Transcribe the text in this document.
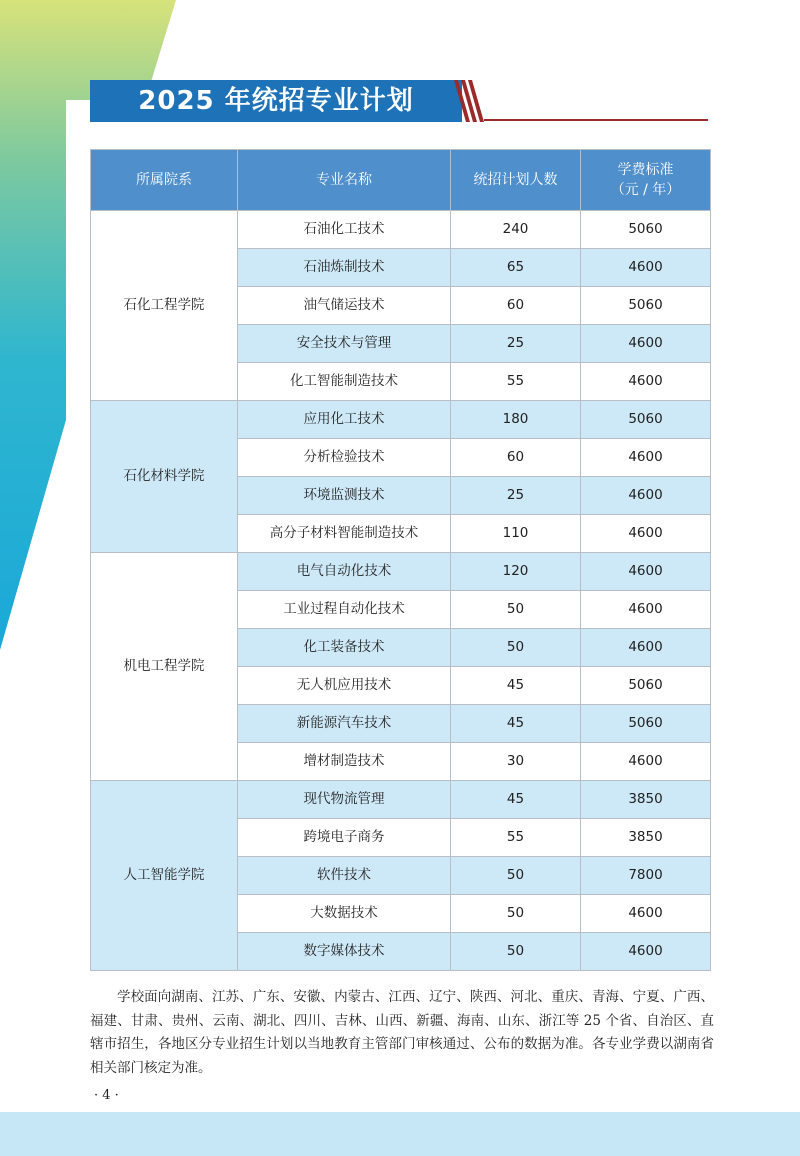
2025 年统招专业计划
所属院系	专业名称	统招计划人数	学费标准
（元 / 年）

石化工程学院	石油化工技术	240	5060
	石油炼制技术	65	4600
	油气储运技术	60	5060
	安全技术与管理	25	4600
	化工智能制造技术	55	4600
石化材料学院	应用化工技术	180	5060
	分析检验技术	60	4600
	环境监测技术	25	4600
	高分子材料智能制造技术	110	4600
机电工程学院	电气自动化技术	120	4600
	工业过程自动化技术	50	4600
	化工装备技术	50	4600
	无人机应用技术	45	5060
	新能源汽车技术	45	5060
	增材制造技术	30	4600
人工智能学院	现代物流管理	45	3850
	跨境电子商务	55	3850
	软件技术	50	7800
	大数据技术	50	4600
	数字媒体技术	50	4600
学校面向湖南、江苏、广东、安徽、内蒙古、江西、辽宁、陕西、河北、重庆、青海、宁夏、广西、福建、甘肃、贵州、云南、湖北、四川、吉林、山西、新疆、海南、山东、浙江等 25 个省、自治区、直辖市招生，各地区分专业招生计划以当地教育主管部门审核通过、公布的数据为准。各专业学费以湖南省相关部门核定为准。
· 4 ·
